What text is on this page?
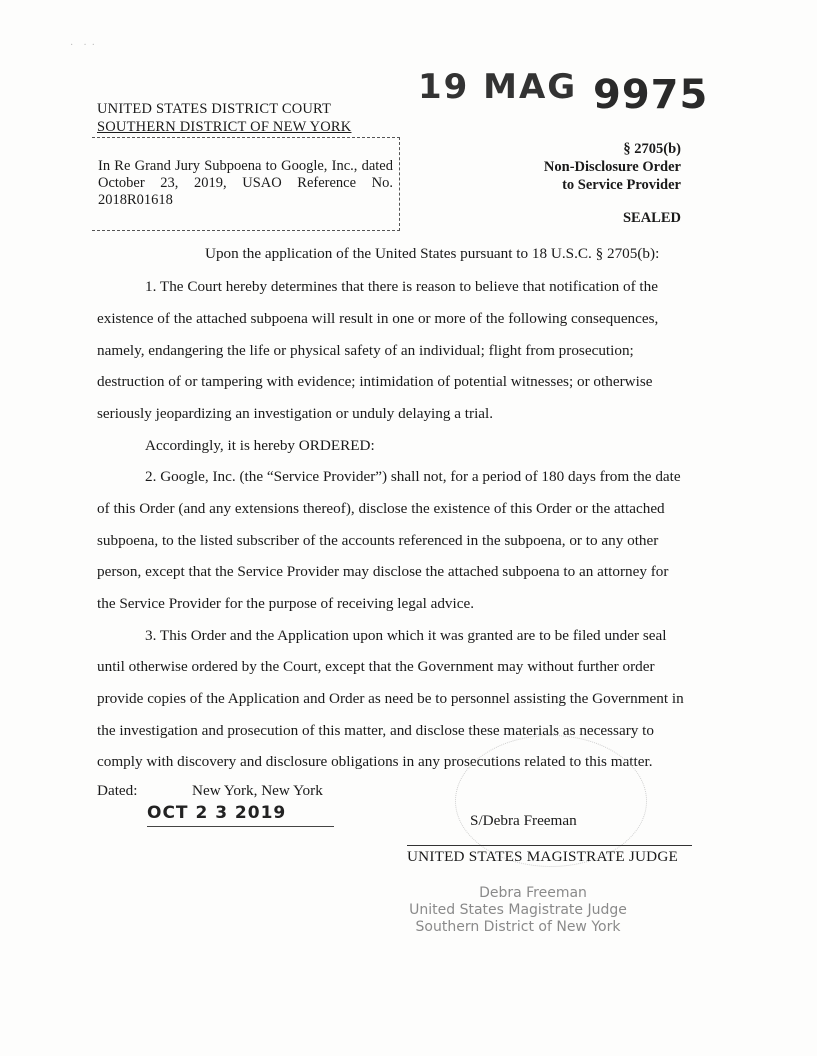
·    ·  ·
19 MAG 9975
UNITED STATES DISTRICT COURT
SOUTHERN DISTRICT OF NEW YORK
In Re Grand Jury Subpoena to Google, Inc., dated October 23, 2019, USAO Reference No. 2018R01618
§ 2705(b)
Non-Disclosure Order
to Service Provider
SEALED
Upon the application of the United States pursuant to 18 U.S.C. § 2705(b):
1. The Court hereby determines that there is reason to believe that notification of the
existence of the attached subpoena will result in one or more of the following consequences,
namely, endangering the life or physical safety of an individual; flight from prosecution;
destruction of or tampering with evidence; intimidation of potential witnesses; or otherwise
seriously jeopardizing an investigation or unduly delaying a trial.
Accordingly, it is hereby ORDERED:
2. Google, Inc. (the “Service Provider”) shall not, for a period of 180 days from the date
of this Order (and any extensions thereof), disclose the existence of this Order or the attached
subpoena, to the listed subscriber of the accounts referenced in the subpoena, or to any other
person, except that the Service Provider may disclose the attached subpoena to an attorney for
the Service Provider for the purpose of receiving legal advice.
3. This Order and the Application upon which it was granted are to be filed under seal
until otherwise ordered by the Court, except that the Government may without further order
provide copies of the Application and Order as need be to personnel assisting the Government in
the investigation and prosecution of this matter, and disclose these materials as necessary to
comply with discovery and disclosure obligations in any prosecutions related to this matter.
Dated:	New York, New York
OCT 2 3 2019	S/Debra Freeman
UNITED STATES MAGISTRATE JUDGE
Debra Freeman
United States Magistrate Judge
Southern District of New York
